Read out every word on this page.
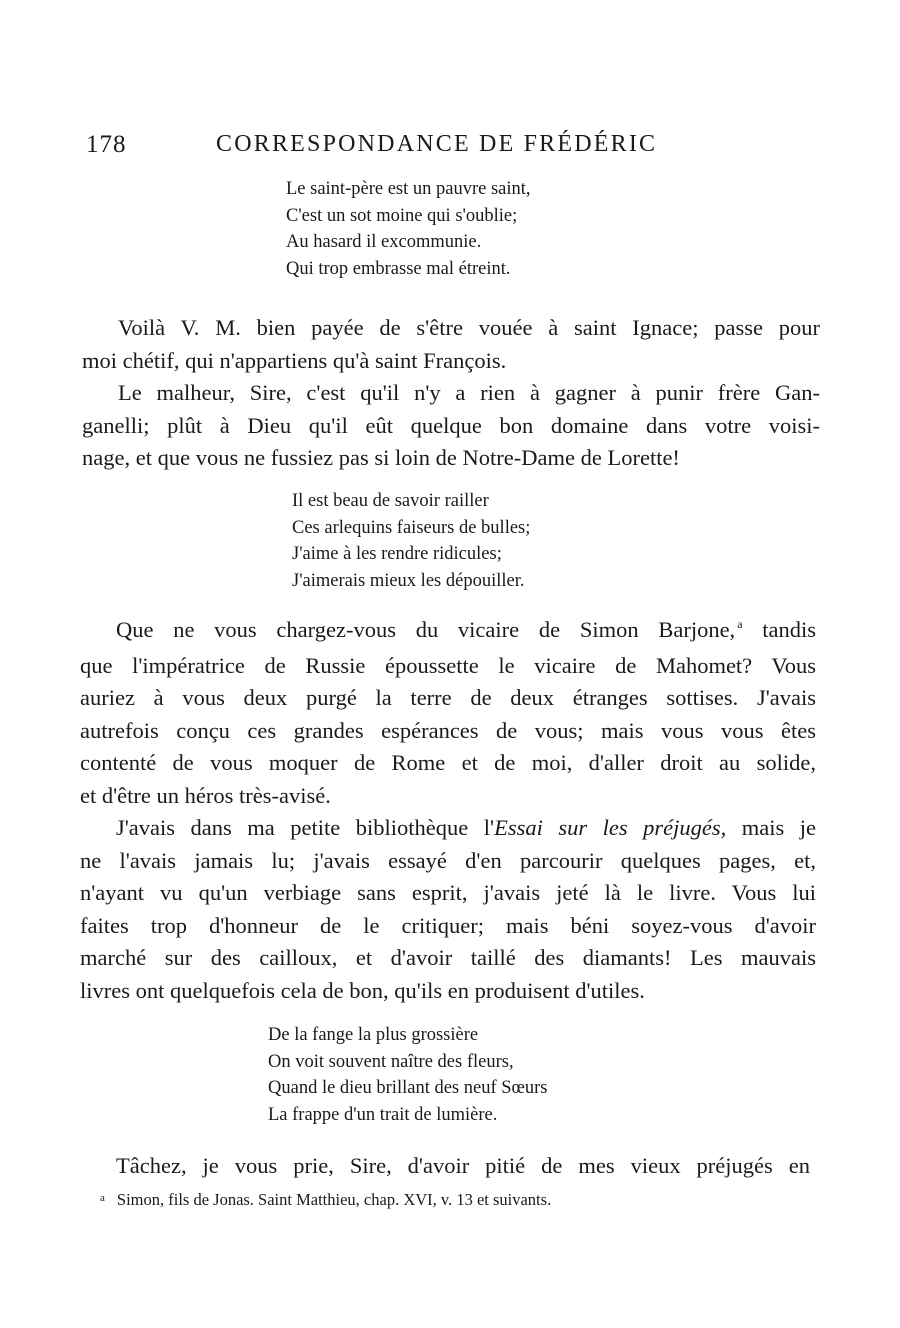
178	CORRESPONDANCE DE FRÉDÉRIC
Le saint-père est un pauvre saint,
C'est un sot moine qui s'oublie;
Au hasard il excommunie.
Qui trop embrasse mal étreint.
Voilà V. M. bien payée de s'être vouée à saint Ignace; passe pour
moi chétif, qui n'appartiens qu'à saint François.
Le malheur, Sire, c'est qu'il n'y a rien à gagner à punir frère Gan-
ganelli; plût à Dieu qu'il eût quelque bon domaine dans votre voisi-
nage, et que vous ne fussiez pas si loin de Notre-Dame de Lorette!
Il est beau de savoir railler
Ces arlequins faiseurs de bulles;
J'aime à les rendre ridicules;
J'aimerais mieux les dépouiller.
Que ne vous chargez-vous du vicaire de Simon Barjone, $^a$ tandis
que l'impératrice de Russie époussette le vicaire de Mahomet? Vous
auriez à vous deux purgé la terre de deux étranges sottises. J'avais
autrefois conçu ces grandes espérances de vous; mais vous vous êtes
contenté de vous moquer de Rome et de moi, d'aller droit au solide,
et d'être un héros très-avisé.
J'avais dans ma petite bibliothèque l'Essai sur les préjugés, mais je
ne l'avais jamais lu; j'avais essayé d'en parcourir quelques pages, et,
n'ayant vu qu'un verbiage sans esprit, j'avais jeté là le livre. Vous lui
faites trop d'honneur de le critiquer; mais béni soyez-vous d'avoir
marché sur des cailloux, et d'avoir taillé des diamants! Les mauvais
livres ont quelquefois cela de bon, qu'ils en produisent d'utiles.
De la fange la plus grossière
On voit souvent naître des fleurs,
Quand le dieu brillant des neuf Sœurs
La frappe d'un trait de lumière.
Tâchez, je vous prie, Sire, d'avoir pitié de mes vieux préjugés en
$^a$ Simon, fils de Jonas. Saint Matthieu, chap. XVI, v. 13 et suivants.
